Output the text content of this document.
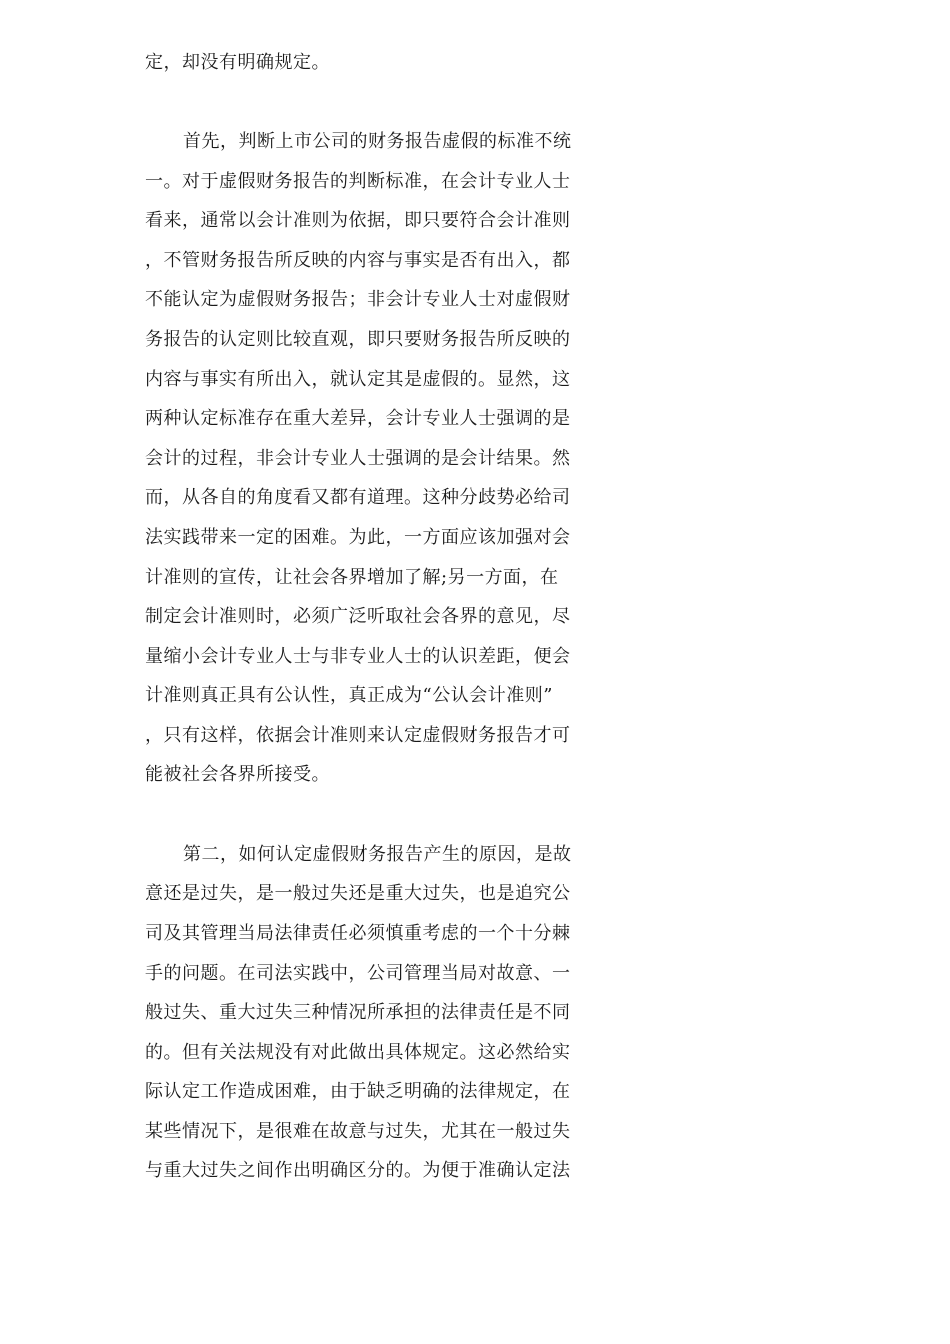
定，却没有明确规定。
首先，判断上市公司的财务报告虚假的标准不统
一。对于虚假财务报告的判断标准，在会计专业人士
看来，通常以会计准则为依据，即只要符合会计准则
，不管财务报告所反映的内容与事实是否有出入，都
不能认定为虚假财务报告；非会计专业人士对虚假财
务报告的认定则比较直观，即只要财务报告所反映的
内容与事实有所出入，就认定其是虚假的。显然，这
两种认定标准存在重大差异，会计专业人士强调的是
会计的过程，非会计专业人士强调的是会计结果。然
而，从各自的角度看又都有道理。这种分歧势必给司
法实践带来一定的困难。为此，一方面应该加强对会
计准则的宣传，让社会各界增加了解;另一方面，在
制定会计准则时，必须广泛听取社会各界的意见，尽
量缩小会计专业人士与非专业人士的认识差距，便会
计准则真正具有公认性，真正成为“公认会计准则”
，只有这样，依据会计准则来认定虚假财务报告才可
能被社会各界所接受。
第二，如何认定虚假财务报告产生的原因，是故
意还是过失，是一般过失还是重大过失，也是追究公
司及其管理当局法律责任必须慎重考虑的一个十分棘
手的问题。在司法实践中，公司管理当局对故意、一
般过失、重大过失三种情况所承担的法律责任是不同
的。但有关法规没有对此做出具体规定。这必然给实
际认定工作造成困难，由于缺乏明确的法律规定，在
某些情况下，是很难在故意与过失，尤其在一般过失
与重大过失之间作出明确区分的。为便于准确认定法
